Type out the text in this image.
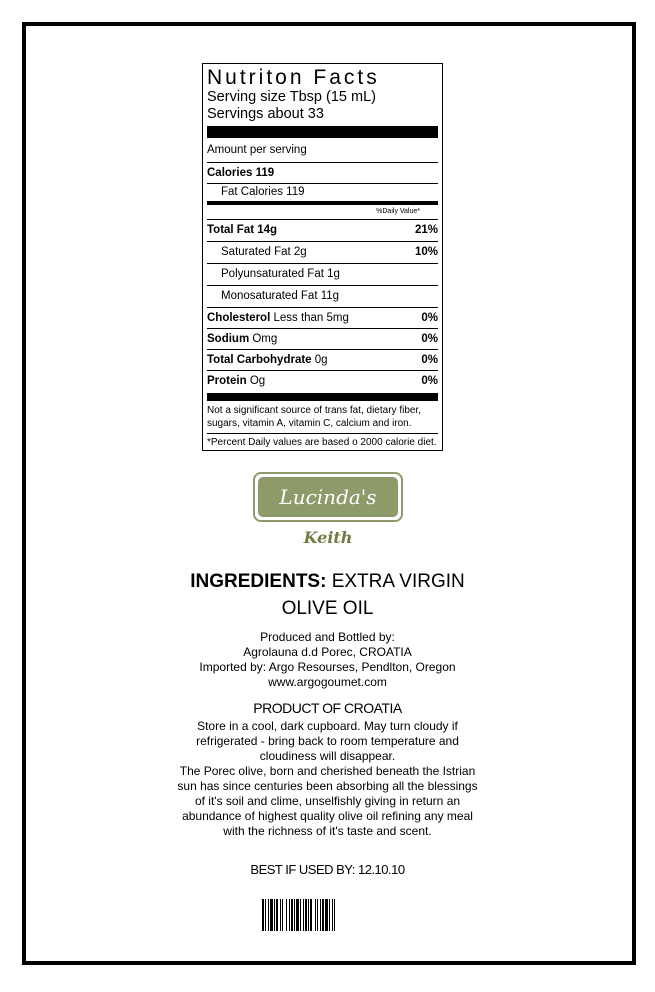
Nutriton Facts
Serving size Tbsp (15 mL)
Servings about 33
Amount per serving
Calories 119
Fat Calories 119
%Daily Value*
Total Fat 14g	21%
Saturated Fat 2g	10%
Polyunsaturated Fat 1g
Monosaturated Fat 11g
Cholesterol Less than 5mg	0%
Sodium Omg	0%
Total Carbohydrate 0g	0%
Protein Og	0%
Not a significant source of trans fat, dietary fiber, sugars, vitamin A, vitamin C, calcium and iron.
*Percent Daily values are based o 2000 calorie diet.
Lucinda's
Keith
INGREDIENTS: EXTRA VIRGIN
OLIVE OIL
Produced and Bottled by:
Agrolauna d.d Porec, CROATIA
Imported by: Argo Resourses, Pendlton, Oregon
www.argogoumet.com
PRODUCT OF CROATIA
Store in a cool, dark cupboard. May turn cloudy if
refrigerated - bring back to room temperature and
cloudiness will disappear.
The Porec olive, born and cherished beneath the Istrian
sun has since centuries been absorbing all the blessings
of it's soil and clime, unselfishly giving in return an
abundance of highest quality olive oil refining any meal
with the richness of it's taste and scent.
BEST IF USED BY: 12.10.10
